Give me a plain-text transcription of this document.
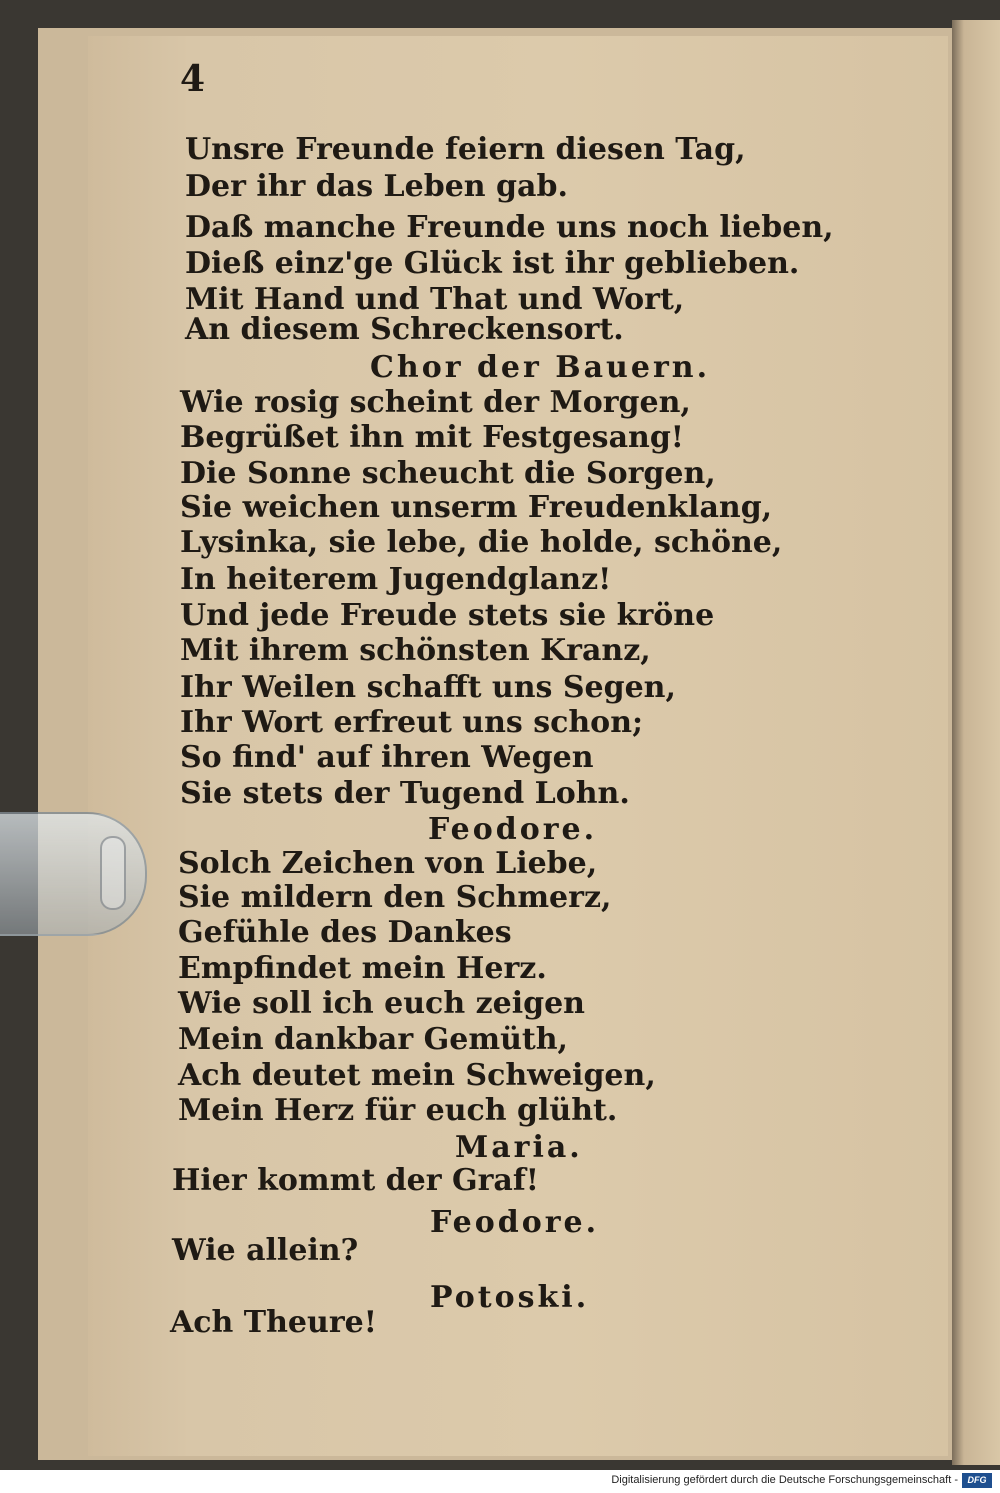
4

Unsre Freunde feiern diesen Tag,

Der ihr das Leben gab.

Daß manche Freunde uns noch lieben,

Dieß einz'ge Glück ist ihr geblieben.

Mit Hand und That und Wort,

An diesem Schreckensort.

Chor der Bauern.

Wie rosig scheint der Morgen,

Begrüßet ihn mit Festgesang!

Die Sonne scheucht die Sorgen,

Sie weichen unserm Freudenklang,

Lysinka, sie lebe, die holde, schöne,

In heiterem Jugendglanz!

Und jede Freude stets sie kröne

Mit ihrem schönsten Kranz,

Ihr Weilen schafft uns Segen,

Ihr Wort erfreut uns schon;

So find' auf ihren Wegen

Sie stets der Tugend Lohn.

Feodore.

Solch Zeichen von Liebe,

Sie mildern den Schmerz,

Gefühle des Dankes

Empfindet mein Herz.

Wie soll ich euch zeigen

Mein dankbar Gemüth,

Ach deutet mein Schweigen,

Mein Herz für euch glüht.

Maria.

Hier kommt der Graf!

Feodore.

Wie allein?

Potoski.

Ach Theure!

Digitalisierung gefördert durch die Deutsche Forschungsgemeinschaft -	DFG
